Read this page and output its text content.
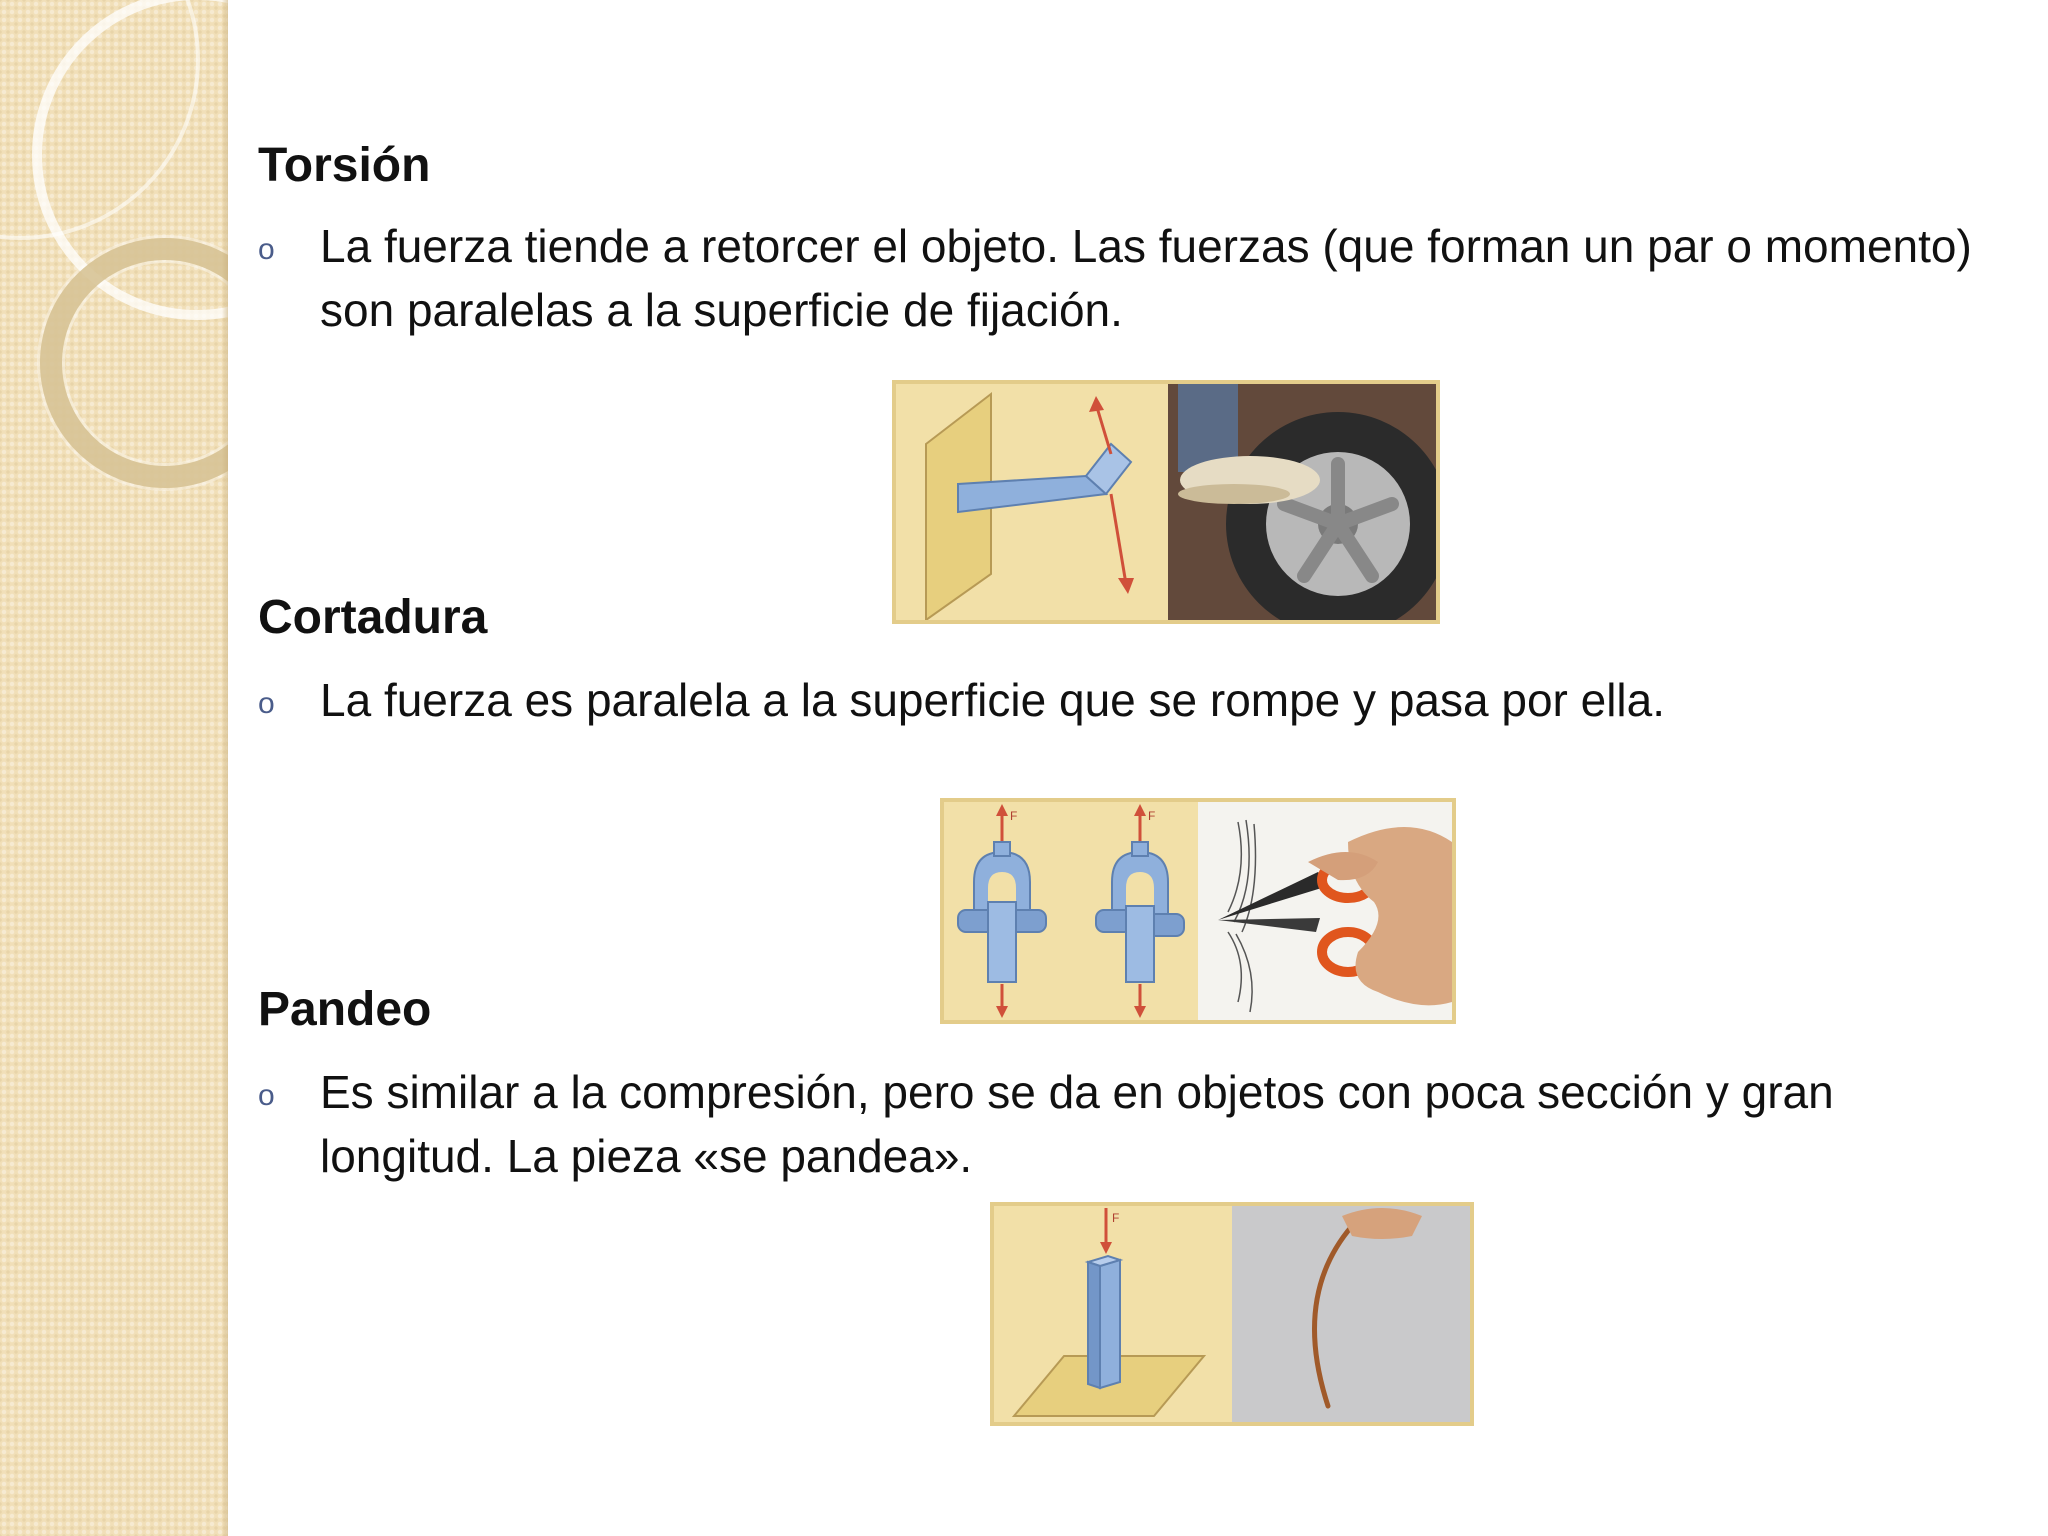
Torsión
o La fuerza tiende a retorcer el objeto. Las fuerzas (que forman un par o momento) son paralelas a la superficie de fijación.
Cortadura
o La fuerza es paralela a la superficie que se rompe y pasa por ella.
F	F
Pandeo
o Es similar a la compresión, pero se da en objetos con poca sección y gran longitud. La pieza «se pandea».
F
